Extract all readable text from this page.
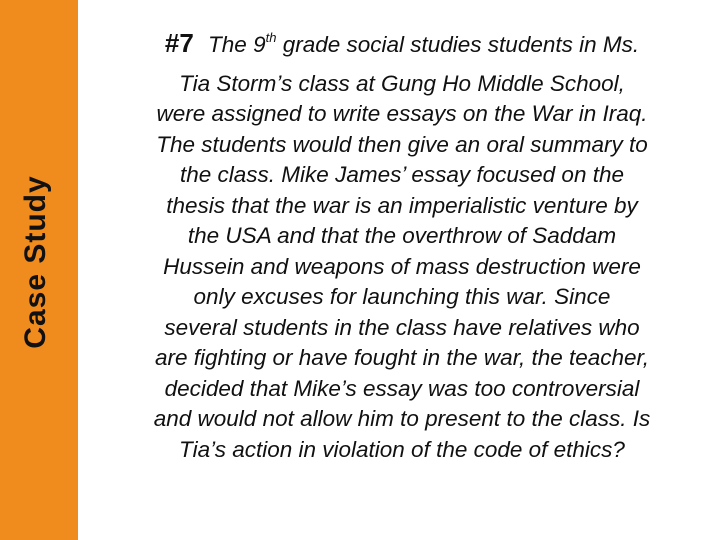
Case Study
#7 The 9th grade social studies students in Ms.
Tia Storm’s class at Gung Ho Middle School,
were assigned to write essays on the War in Iraq.
The students would then give an oral summary to
the class. Mike James’ essay focused on the
thesis that the war is an imperialistic venture by
the USA and that the overthrow of Saddam
Hussein and weapons of mass destruction were
only excuses for launching this war. Since
several students in the class have relatives who
are fighting or have fought in the war, the teacher,
decided that Mike’s essay was too controversial
and would not allow him to present to the class. Is
Tia’s action in violation of the code of ethics?
